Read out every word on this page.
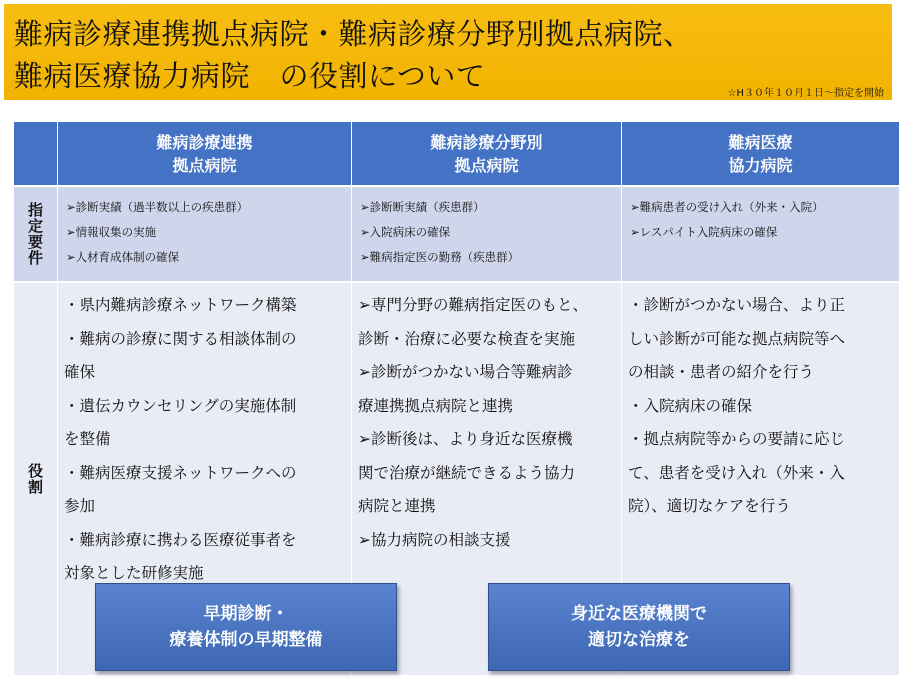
難病診療連携拠点病院・難病診療分野別拠点病院、
難病医療協力病院　の役割について
☆H３０年１０月１日～指定を開始
難病診療連携
拠点病院
難病診療分野別
拠点病院
難病医療
協力病院
指定要件 ➢診断実績（過半数以上の疾患群）
➢情報収集の実施
➢人材育成体制の確保
➢診断断実績（疾患群）
➢入院病床の確保
➢難病指定医の勤務（疾患群）
➢難病患者の受け入れ（外来・入院）
➢レスパイト入院病床の確保
役割

・県内難病診療ネットワーク構築

・難病の診療に関する相談体制の

確保

・遺伝カウンセリングの実施体制

を整備

・難病医療支援ネットワークへの

参加

・難病診療に携わる医療従事者を

対象とした研修実施

➢専門分野の難病指定医のもと、

診断・治療に必要な検査を実施

➢診断がつかない場合等難病診

療連携拠点病院と連携

➢診断後は、より身近な医療機

関で治療が継続できるよう協力

病院と連携

➢協力病院の相談支援

・診断がつかない場合、より正

しい診断が可能な拠点病院等へ

の相談・患者の紹介を行う

・入院病床の確保

・拠点病院等からの要請に応じ

て、患者を受け入れ（外来・入

院）、適切なケアを行う

早期診断・
療養体制の早期整備
身近な医療機関で
適切な治療を
